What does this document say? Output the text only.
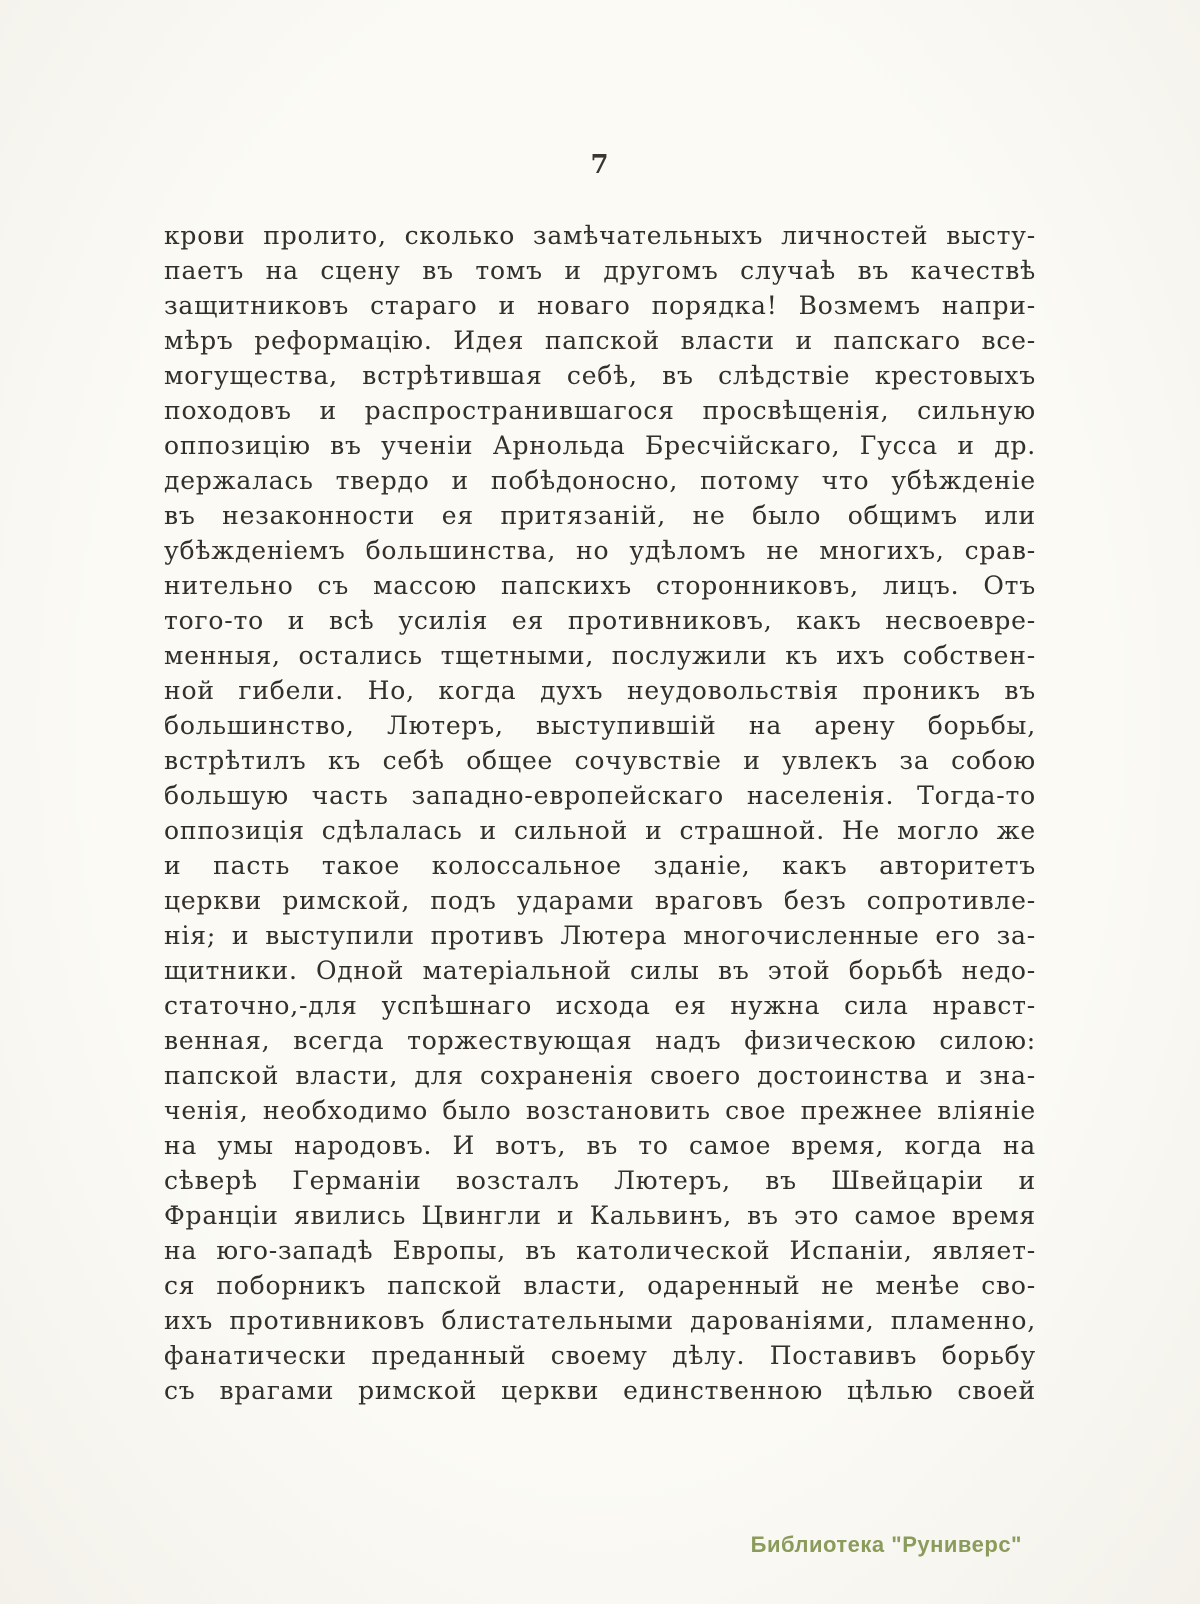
7
крови пролито, сколько замѣчательныхъ личностей высту-
паетъ на сцену въ томъ и другомъ случаѣ въ качествѣ
защитниковъ стараго и новаго порядка! Возмемъ напри-
мѣръ реформацію. Идея папской власти и папскаго все-
могущества, встрѣтившая себѣ, въ слѣдствіе крестовыхъ
походовъ и распространившагося просвѣщенія, сильную
оппозицію въ ученіи Арнольда Бресчійскаго, Гусса и др.
держалась твердо и побѣдоносно, потому что убѣжденіе
въ незаконности ея притязаній, не было общимъ или
убѣжденіемъ большинства, но удѣломъ не многихъ, срав-
нительно съ массою папскихъ сторонниковъ, лицъ. Отъ
того-то и всѣ усилія ея противниковъ, какъ несвоевре-
менныя, остались тщетными, послужили къ ихъ собствен-
ной гибели. Но, когда духъ неудовольствія проникъ въ
большинство, Лютеръ, выступившій на арену борьбы,
встрѣтилъ къ себѣ общее сочувствіе и увлекъ за собою
большую часть западно-европейскаго населенія. Тогда-то
оппозиція сдѣлалась и сильной и страшной. Не могло же
и пасть такое колоссальное зданіе, какъ авторитетъ
церкви римской, подъ ударами враговъ безъ сопротивле-
нія; и выступили противъ Лютера многочисленные его за-
щитники. Одной матеріальной силы въ этой борьбѣ недо-
статочно,-для успѣшнаго исхода ея нужна сила нравст-
венная, всегда торжествующая надъ физическою силою:
папской власти, для сохраненія своего достоинства и зна-
ченія, необходимо было возстановить свое прежнее вліяніе
на умы народовъ. И вотъ, въ то самое время, когда на
сѣверѣ Германіи возсталъ Лютеръ, въ Швейцаріи и
Франціи явились Цвингли и Кальвинъ, въ это самое время
на юго-западѣ Европы, въ католической Испаніи, являет-
ся поборникъ папской власти, одаренный не менѣе сво-
ихъ противниковъ блистательными дарованіями, пламенно,
фанатически преданный своему дѣлу. Поставивъ борьбу
съ врагами римской церкви единственною цѣлью своей
Библиотека "Руниверс"
